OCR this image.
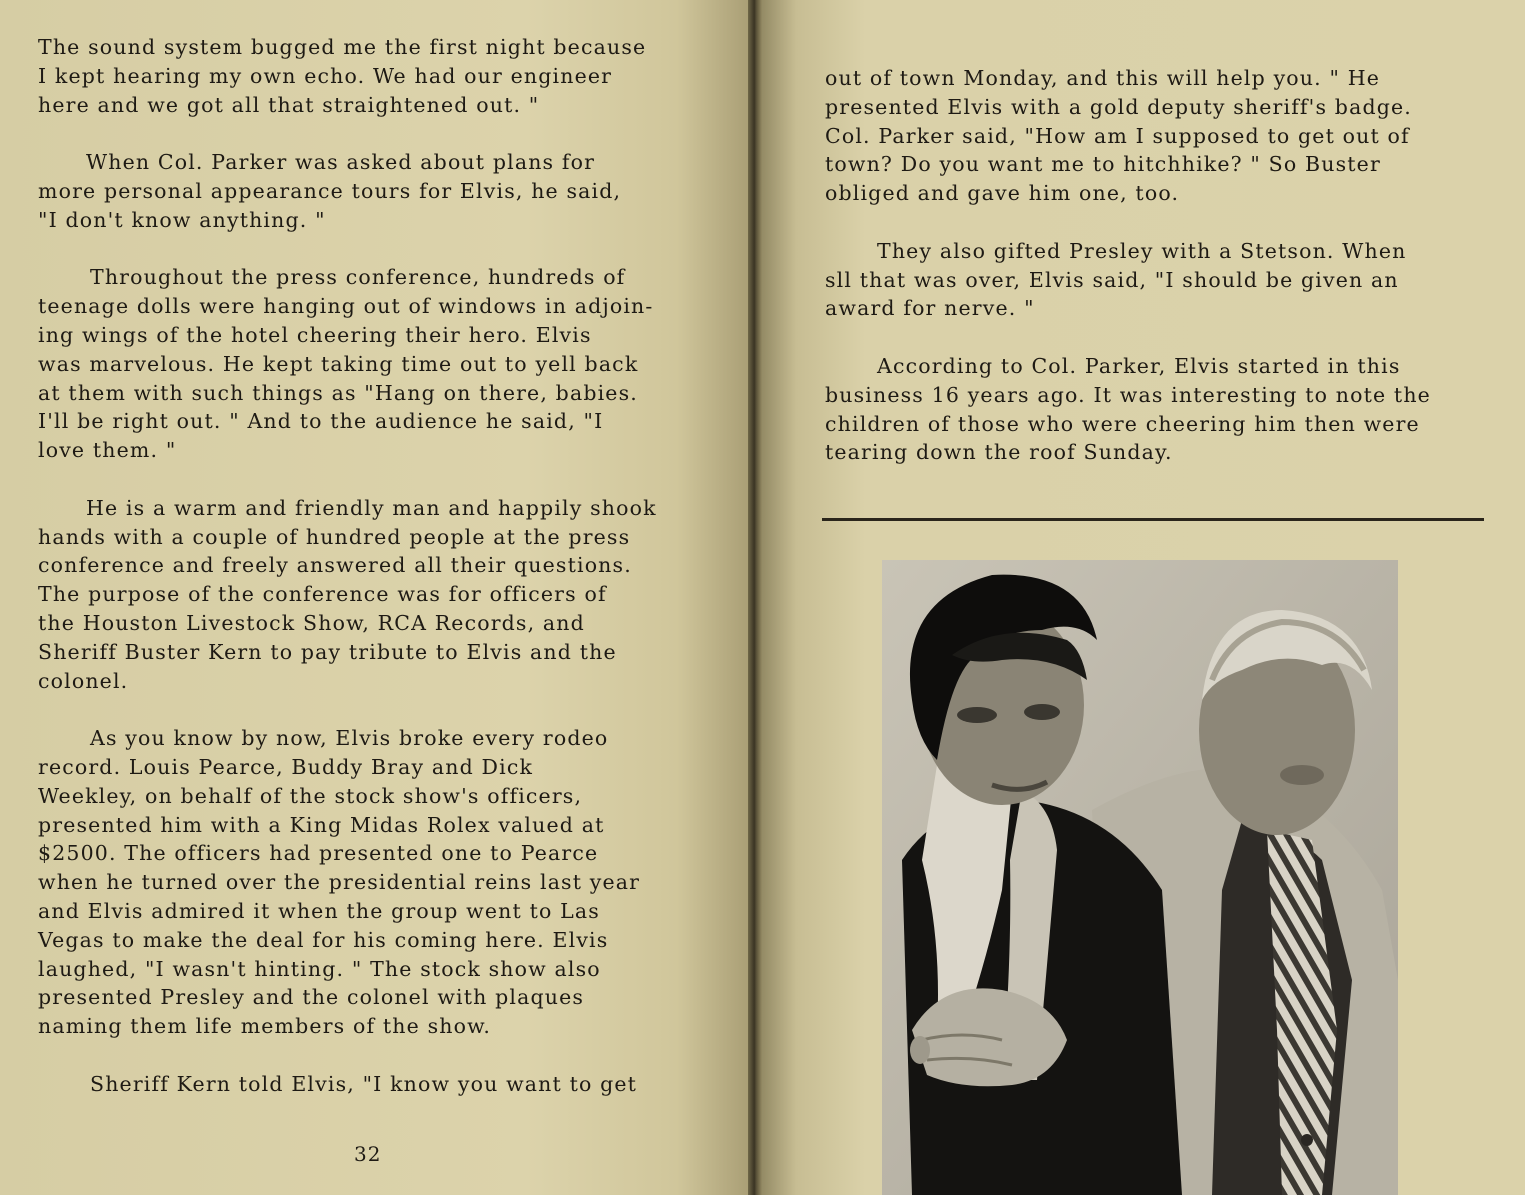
The sound system bugged me the first night because
I kept hearing my own echo. We had our engineer
here and we got all that straightened out. "

When Col. Parker was asked about plans for
more personal appearance tours for Elvis, he said,
"I don't know anything. "

Throughout the press conference, hundreds of
teenage dolls were hanging out of windows in adjoin-
ing wings of the hotel cheering their hero. Elvis
was marvelous. He kept taking time out to yell back
at them with such things as "Hang on there, babies.
I'll be right out. " And to the audience he said, "I
love them. "

He is a warm and friendly man and happily shook
hands with a couple of hundred people at the press
conference and freely answered all their questions.
The purpose of the conference was for officers of
the Houston Livestock Show, RCA Records, and
Sheriff Buster Kern to pay tribute to Elvis and the
colonel.

As you know by now, Elvis broke every rodeo
record. Louis Pearce, Buddy Bray and Dick
Weekley, on behalf of the stock show's officers,
presented him with a King Midas Rolex valued at
$2500. The officers had presented one to Pearce
when he turned over the presidential reins last year
and Elvis admired it when the group went to Las
Vegas to make the deal for his coming here. Elvis
laughed, "I wasn't hinting. " The stock show also
presented Presley and the colonel with plaques
naming them life members of the show.

Sheriff Kern told Elvis, "I know you want to get

32

out of town Monday, and this will help you. " He
presented Elvis with a gold deputy sheriff's badge.
Col. Parker said, "How am I supposed to get out of
town? Do you want me to hitchhike? " So Buster
obliged and gave him one, too.

They also gifted Presley with a Stetson. When
sll that was over, Elvis said, "I should be given an
award for nerve. "

According to Col. Parker, Elvis started in this
business 16 years ago. It was interesting to note the
children of those who were cheering him then were
tearing down the roof Sunday.
